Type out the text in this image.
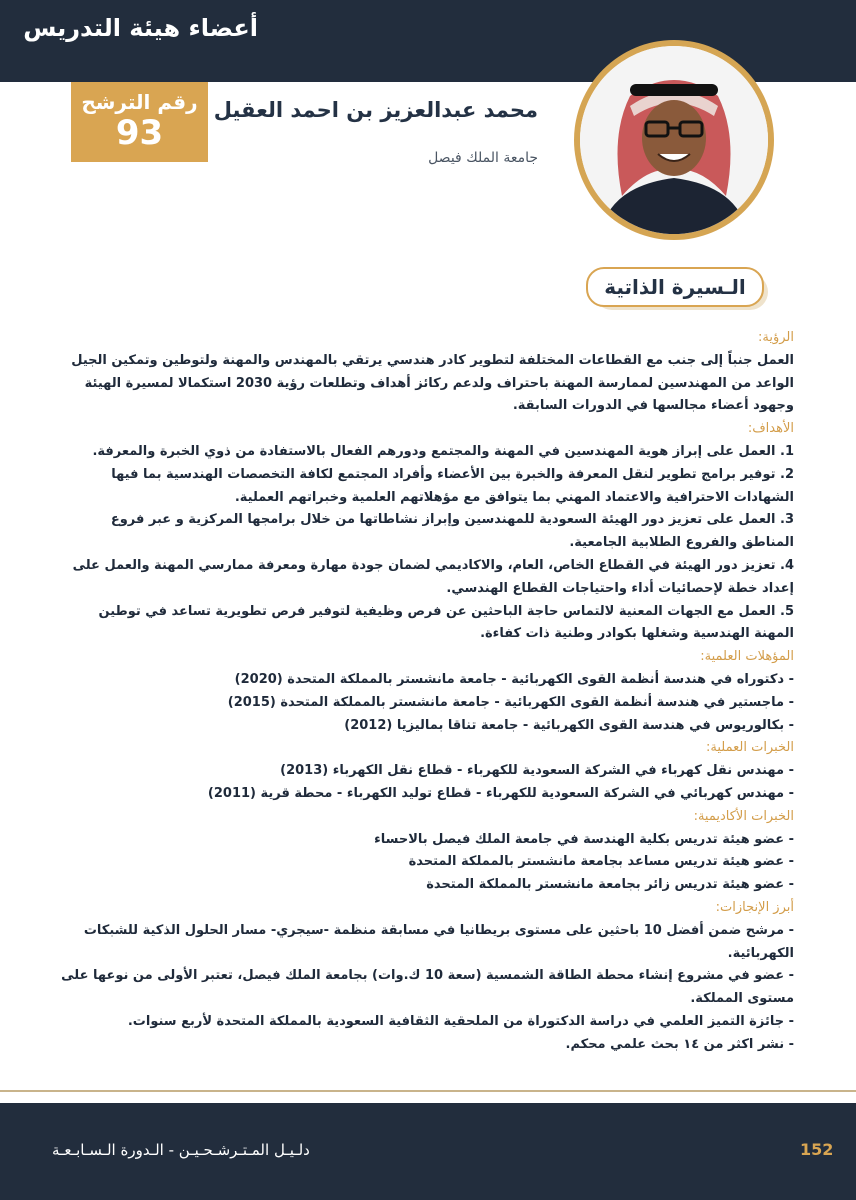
أعضاء هيئة التدريس
محمد عبدالعزيز بن احمد العقيل
جامعة الملك فيصل
رقم الترشح
93
الـسيرة الذاتية
الرؤية:

العمل جنباً إلى جنب مع القطاعات المختلفة لتطوير كادر هندسي يرتقي بالمهندس والمهنة ولتوطين وتمكين الجيل الواعد من المهندسين لممارسة المهنة باحتراف ولدعم ركائز أهداف وتطلعات رؤية 2030 استكمالا لمسيرة الهيئة وجهود أعضاء مجالسها في الدورات السابقة.

الأهداف:

1. العمل على إبراز هوية المهندسين في المهنة والمجتمع ودورهم الفعال بالاستفادة من ذوي الخبرة والمعرفة.

2. توفير برامج تطوير لنقل المعرفة والخبرة بين الأعضاء وأفراد المجتمع لكافة التخصصات الهندسية بما فيها الشهادات الاحترافية والاعتماد المهني بما يتوافق مع مؤهلاتهم العلمية وخبراتهم العملية.

3. العمل على تعزيز دور الهيئة السعودية للمهندسين وإبراز نشاطاتها من خلال برامجها المركزية و عبر فروع المناطق والفروع الطلابية الجامعية.

4. تعزيز دور الهيئة في القطاع الخاص، العام، والاكاديمي لضمان جودة مهارة ومعرفة ممارسي المهنة والعمل على إعداد خطة لإحصائيات أداء واحتياجات القطاع الهندسي.

5. العمل مع الجهات المعنية لالتماس حاجة الباحثين عن فرص وظيفية لتوفير فرص تطويرية تساعد في توطين المهنة الهندسية وشغلها بكوادر وطنية ذات كفاءة.

المؤهلات العلمية:

- دكتوراه في هندسة أنظمة القوى الكهربائية - جامعة مانشستر بالمملكة المتحدة (2020)

- ماجستير في هندسة أنظمة القوى الكهربائية - جامعة مانشستر بالمملكة المتحدة (2015)

- بكالوريوس في هندسة القوى الكهربائية - جامعة تناقا بماليزيا (2012)

الخبرات العملية:

- مهندس نقل كهرباء في الشركة السعودية للكهرباء - قطاع نقل الكهرباء (2013)

- مهندس كهربائي في الشركة السعودية للكهرباء - قطاع توليد الكهرباء - محطة قرية (2011)

الخبرات الأكاديمية:

- عضو هيئة تدريس بكلية الهندسة في جامعة الملك فيصل بالاحساء

- عضو هيئة تدريس مساعد بجامعة مانشستر بالمملكة المتحدة

- عضو هيئة تدريس زائر بجامعة مانشستر بالمملكة المتحدة

أبرز الإنجازات:

- مرشح ضمن أفضل 10 باحثين على مستوى بريطانيا في مسابقة منظمة -سيجري- مسار الحلول الذكية للشبكات الكهربائية.

- عضو في مشروع إنشاء محطة الطاقة الشمسية (سعة 10 ك.وات) بجامعة الملك فيصل، تعتبر الأولى من نوعها على مستوى المملكة.

- جائزة التميز العلمي في دراسة الدكتوراة من الملحقية الثقافية السعودية بالمملكة المتحدة لأربع سنوات.

- نشر اكثر من ١٤ بحث علمي محكم.

دلـيـل المـتـرشـحـيـن - الـدورة الـسـابـعـة	152
